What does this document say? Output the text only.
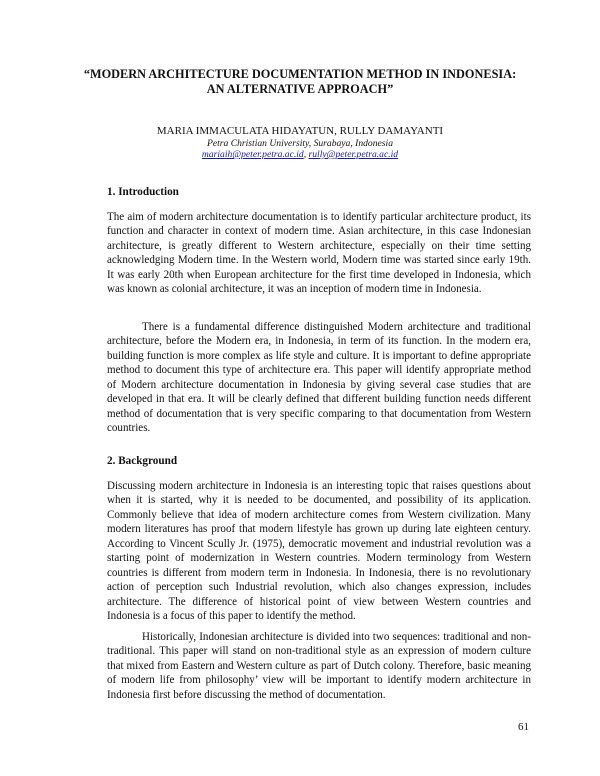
“MODERN ARCHITECTURE DOCUMENTATION METHOD IN INDONESIA:
AN ALTERNATIVE APPROACH”
MARIA IMMACULATA HIDAYATUN, RULLY DAMAYANTI
Petra Christian University, Surabaya, Indonesia
mariaih@peter.petra.ac.id, rully@peter.petra.ac.id
1. Introduction

The aim of modern architecture documentation is to identify particular architecture product, its function and character in context of modern time. Asian architecture, in this case Indonesian architecture, is greatly different to Western architecture, especially on their time setting acknowledging Modern time. In the Western world, Modern time was started since early 19th. It was early 20th when European architecture for the first time developed in Indonesia, which was known as colonial architecture, it was an inception of modern time in Indonesia.

There is a fundamental difference distinguished Modern architecture and traditional architecture, before the Modern era, in Indonesia, in term of its function. In the modern era, building function is more complex as life style and culture. It is important to define appropriate method to document this type of architecture era. This paper will identify appropriate method of Modern architecture documentation in Indonesia by giving several case studies that are developed in that era. It will be clearly defined that different building function needs different method of documentation that is very specific comparing to that documentation from Western countries.

2. Background

Discussing modern architecture in Indonesia is an interesting topic that raises questions about when it is started, why it is needed to be documented, and possibility of its application. Commonly believe that idea of modern architecture comes from Western civilization. Many modern literatures has proof that modern lifestyle has grown up during late eighteen century. According to Vincent Scully Jr. (1975), democratic movement and industrial revolution was a starting point of modernization in Western countries. Modern terminology from Western countries is different from modern term in Indonesia. In Indonesia, there is no revolutionary action of perception such Industrial revolution, which also changes expression, includes architecture. The difference of historical point of view between Western countries and Indonesia is a focus of this paper to identify the method.

Historically, Indonesian architecture is divided into two sequences: traditional and non-traditional. This paper will stand on non-traditional style as an expression of modern culture that mixed from Eastern and Western culture as part of Dutch colony. Therefore, basic meaning of modern life from philosophy’ view will be important to identify modern architecture in Indonesia first before discussing the method of documentation.

61
